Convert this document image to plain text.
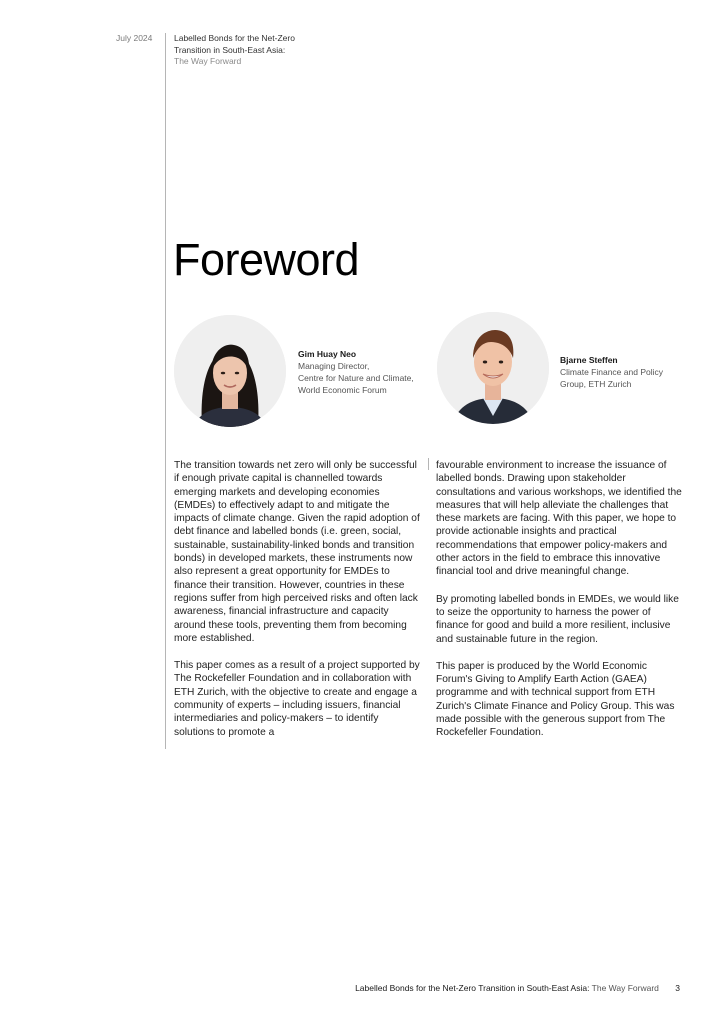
July 2024	Labelled Bonds for the Net-Zero
Transition in South-East Asia:
The Way Forward
Foreword
Gim Huay Neo
Managing Director,
Centre for Nature and Climate,
World Economic Forum
Bjarne Steffen
Climate Finance and Policy
Group, ETH Zurich

The transition towards net zero will only be successful if enough private capital is channelled towards emerging markets and developing economies (EMDEs) to effectively adapt to and mitigate the impacts of climate change. Given the rapid adoption of debt finance and labelled bonds (i.e. green, social, sustainable, sustainability-linked bonds and transition bonds) in developed markets, these instruments now also represent a great opportunity for EMDEs to finance their transition. However, countries in these regions suffer from high perceived risks and often lack awareness, financial infrastructure and capacity around these tools, preventing them from becoming more established.

This paper comes as a result of a project supported by The Rockefeller Foundation and in collaboration with ETH Zurich, with the objective to create and engage a community of experts – including issuers, financial intermediaries and policy-makers – to identify solutions to promote a

favourable environment to increase the issuance of labelled bonds. Drawing upon stakeholder consultations and various workshops, we identified the measures that will help alleviate the challenges that these markets are facing. With this paper, we hope to provide actionable insights and practical recommendations that empower policy-makers and other actors in the field to embrace this innovative financial tool and drive meaningful change.

By promoting labelled bonds in EMDEs, we would like to seize the opportunity to harness the power of finance for good and build a more resilient, inclusive and sustainable future in the region.

This paper is produced by the World Economic Forum's Giving to Amplify Earth Action (GAEA) programme and with technical support from ETH Zurich's Climate Finance and Policy Group. This was made possible with the generous support from The Rockefeller Foundation.

Labelled Bonds for the Net-Zero Transition in South-East Asia: The Way Forward 3
